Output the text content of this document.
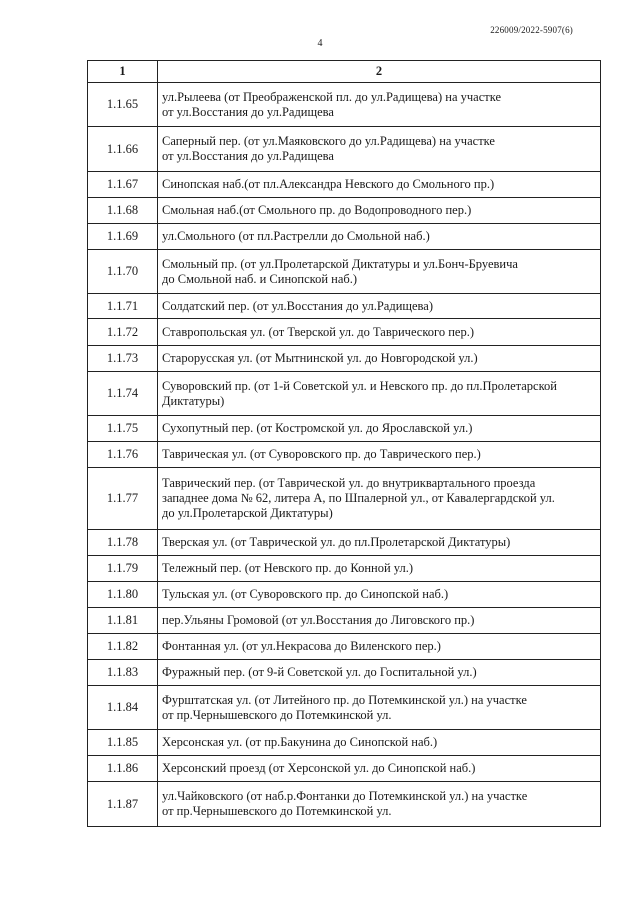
226009/2022-5907(6)
4
1	2
1.1.65	ул.Рылеева (от Преображенской пл. до ул.Радищева) на участке
от ул.Восстания до ул.Радищева

1.1.66	Саперный пер. (от ул.Маяковского до ул.Радищева) на участке
от ул.Восстания до ул.Радищева

1.1.67	Синопская наб.(от пл.Александра Невского до Смольного пр.)

1.1.68	Смольная наб.(от Смольного пр. до Водопроводного пер.)

1.1.69	ул.Смольного (от пл.Растрелли до Смольной наб.)

1.1.70	Смольный пр. (от ул.Пролетарской Диктатуры и ул.Бонч-Бруевича
до Смольной наб. и Синопской наб.)

1.1.71	Солдатский пер. (от ул.Восстания до ул.Радищева)

1.1.72	Ставропольская ул. (от Тверской ул. до Таврического пер.)

1.1.73	Старорусская ул. (от Мытнинской ул. до Новгородской ул.)

1.1.74	Суворовский пр. (от 1-й Советской ул. и Невского пр. до пл.Пролетарской
Диктатуры)

1.1.75	Сухопутный пер. (от Костромской ул. до Ярославской ул.)

1.1.76	Таврическая ул. (от Суворовского пр. до Таврического пер.)

1.1.77	Таврический пер. (от Таврической ул. до внутриквартального проезда
западнее дома № 62, литера А, по Шпалерной ул., от Кавалергардской ул.
до ул.Пролетарской Диктатуры)

1.1.78	Тверская ул. (от Таврической ул. до пл.Пролетарской Диктатуры)

1.1.79	Тележный пер. (от Невского пр. до Конной ул.)

1.1.80	Тульская ул. (от Суворовского пр. до Синопской наб.)

1.1.81	пер.Ульяны Громовой (от ул.Восстания до Лиговского пр.)

1.1.82	Фонтанная ул. (от ул.Некрасова до Виленского пер.)

1.1.83	Фуражный пер. (от 9-й Советской ул. до Госпитальной ул.)

1.1.84	Фурштатская ул. (от Литейного пр. до Потемкинской ул.) на участке
от пр.Чернышевского до Потемкинской ул.

1.1.85	Херсонская ул. (от пр.Бакунина до Синопской наб.)

1.1.86	Херсонский проезд (от Херсонской ул. до Синопской наб.)

1.1.87	ул.Чайковского (от наб.р.Фонтанки до Потемкинской ул.) на участке
от пр.Чернышевского до Потемкинской ул.
